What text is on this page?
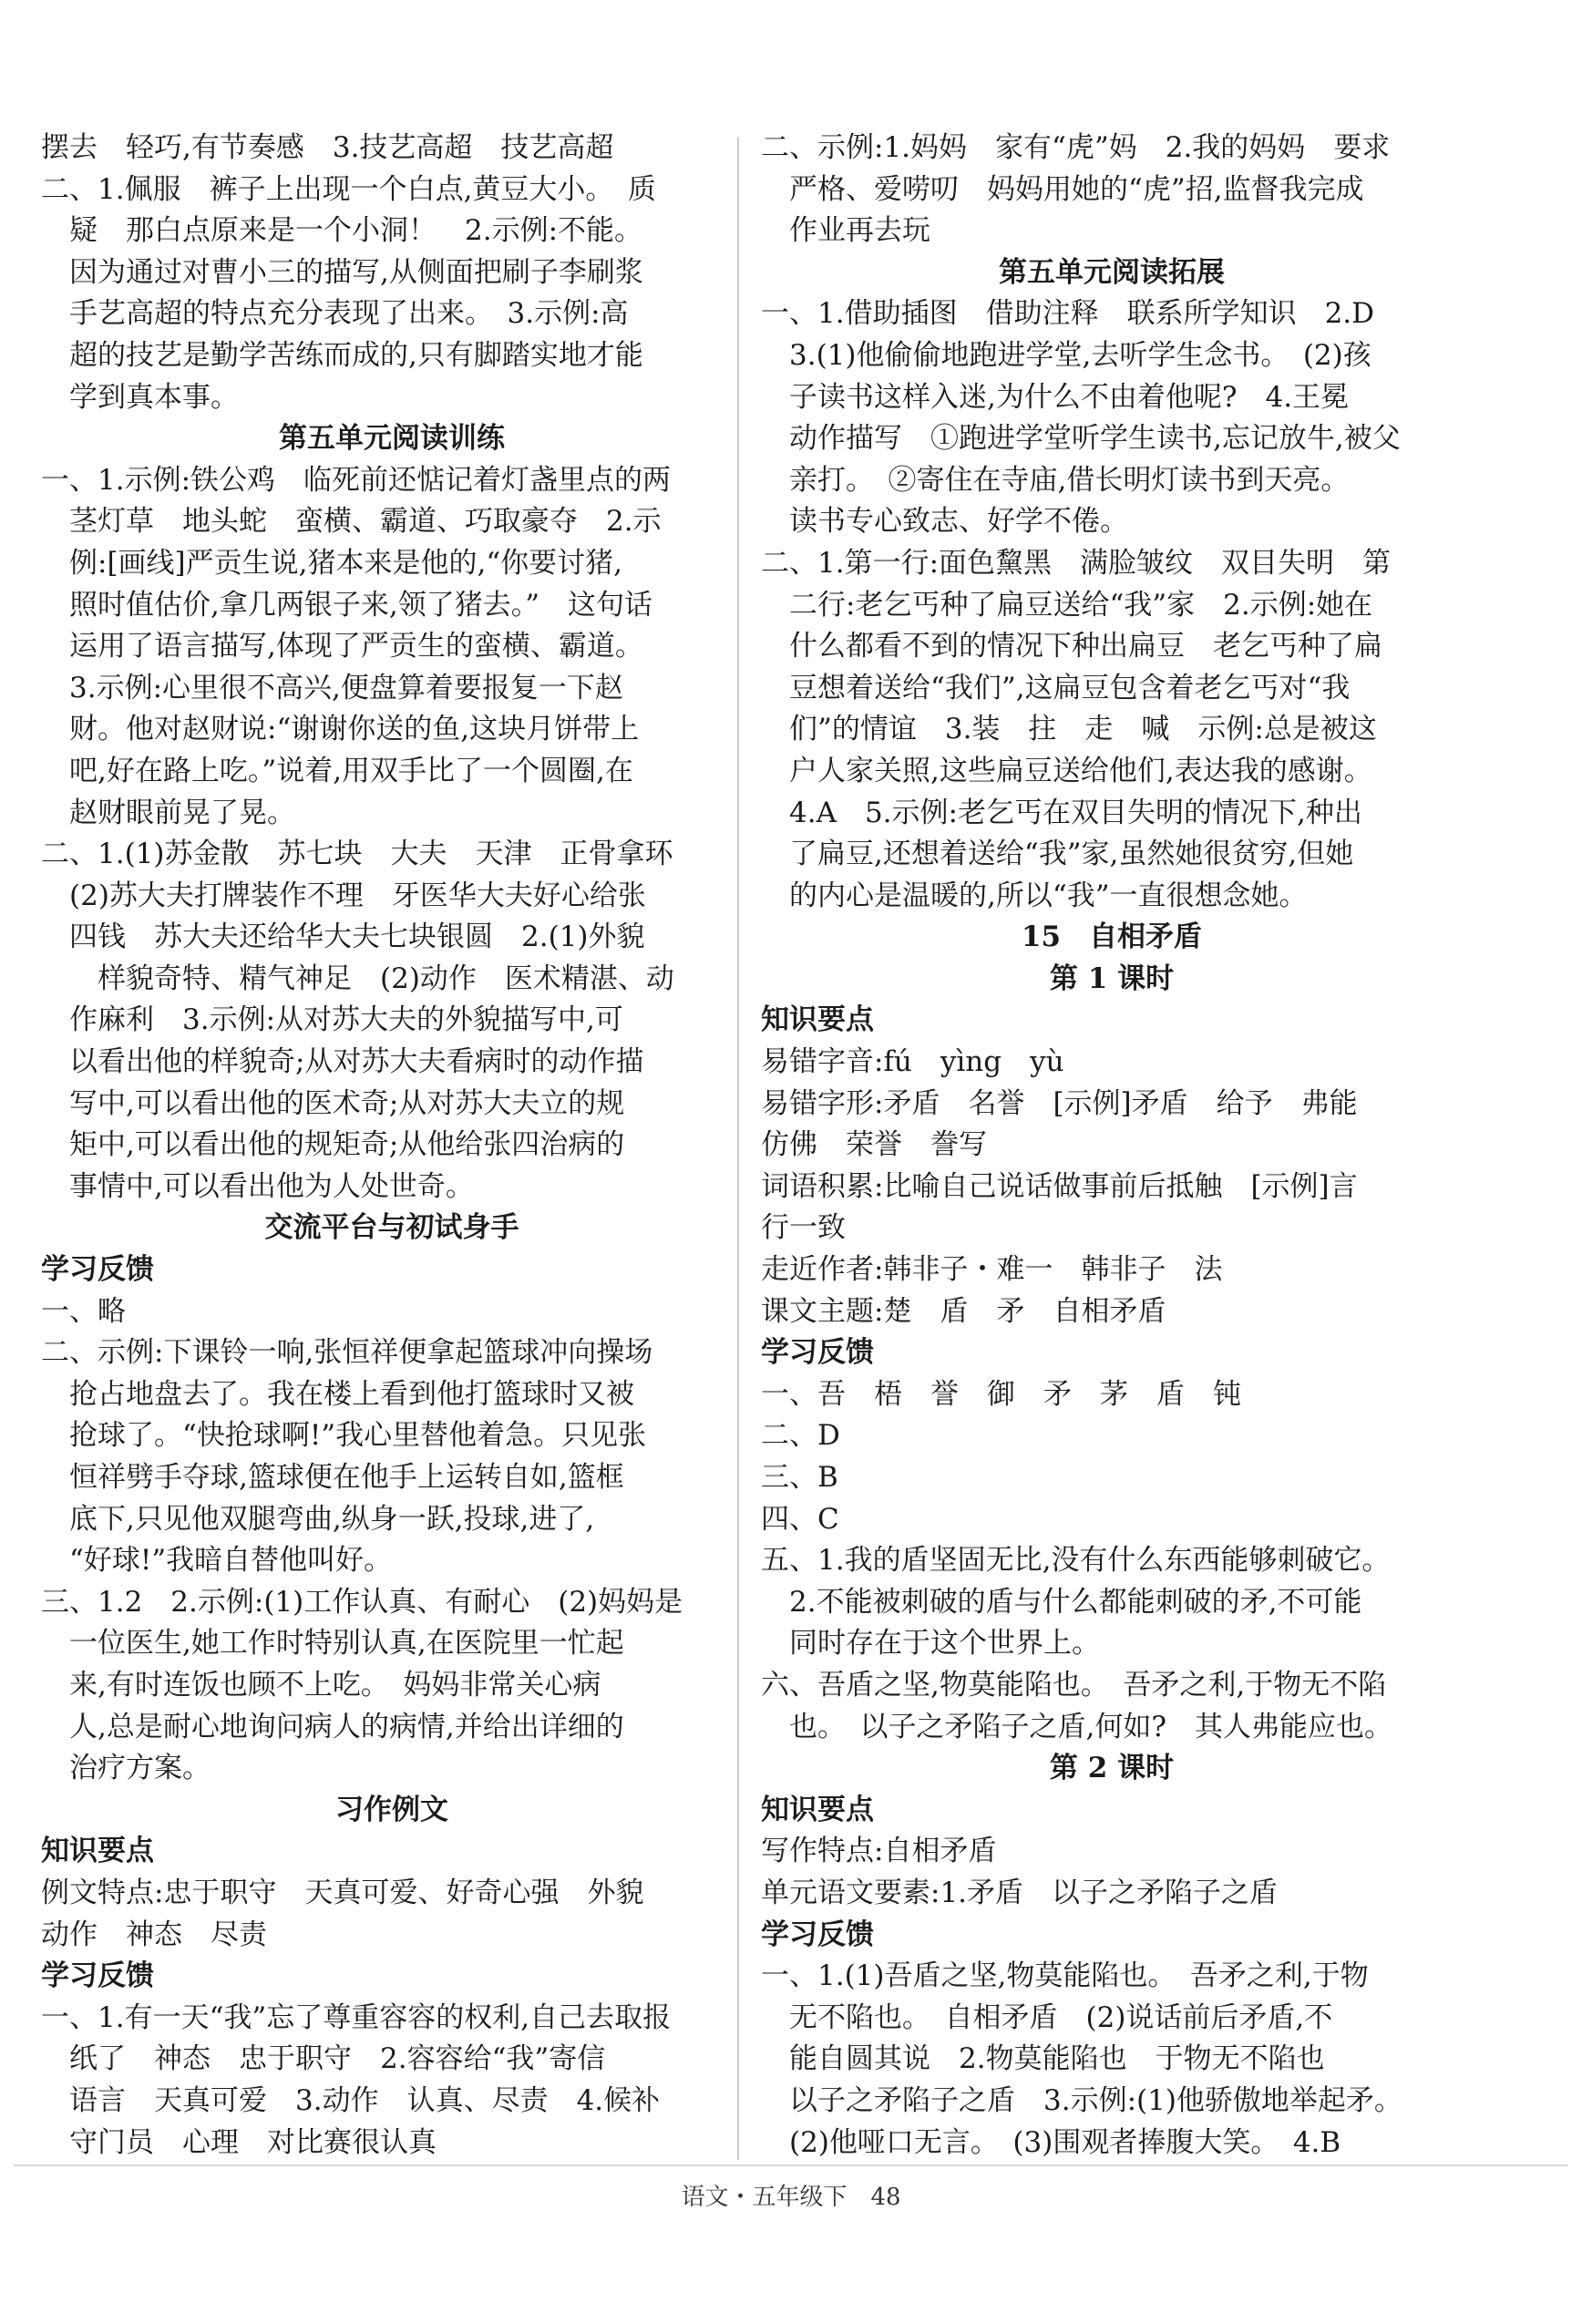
摆去　轻巧,有节奏感　3.技艺高超　技艺高超
二、1.佩服　裤子上出现一个白点,黄豆大小。　质
　疑　那白点原来是一个小洞！　2.示例:不能。
　因为通过对曹小三的描写,从侧面把刷子李刷浆
　手艺高超的特点充分表现了出来。　3.示例:高
　超的技艺是勤学苦练而成的,只有脚踏实地才能
　学到真本事。
第五单元阅读训练
一、1.示例:铁公鸡　临死前还惦记着灯盏里点的两
　茎灯草　地头蛇　蛮横、霸道、巧取豪夺　2.示
　例:[画线]严贡生说,猪本来是他的,“你要讨猪,
　照时值估价,拿几两银子来,领了猪去。”　这句话
　运用了语言描写,体现了严贡生的蛮横、霸道。
　3.示例:心里很不高兴,便盘算着要报复一下赵
　财。他对赵财说:“谢谢你送的鱼,这块月饼带上
　吧,好在路上吃。”说着,用双手比了一个圆圈,在
　赵财眼前晃了晃。
二、1.(1)苏金散　苏七块　大夫　天津　正骨拿环
　(2)苏大夫打牌装作不理　牙医华大夫好心给张
　四钱　苏大夫还给华大夫七块银圆　2.(1)外貌
　　样貌奇特、精气神足　(2)动作　医术精湛、动
　作麻利　3.示例:从对苏大夫的外貌描写中,可
　以看出他的样貌奇;从对苏大夫看病时的动作描
　写中,可以看出他的医术奇;从对苏大夫立的规
　矩中,可以看出他的规矩奇;从他给张四治病的
　事情中,可以看出他为人处世奇。
交流平台与初试身手
学习反馈
一、略
二、示例:下课铃一响,张恒祥便拿起篮球冲向操场
　抢占地盘去了。我在楼上看到他打篮球时又被
　抢球了。“快抢球啊!”我心里替他着急。只见张
　恒祥劈手夺球,篮球便在他手上运转自如,篮框
　底下,只见他双腿弯曲,纵身一跃,投球,进了,
　“好球!”我暗自替他叫好。
三、1.2　2.示例:(1)工作认真、有耐心　(2)妈妈是
　一位医生,她工作时特别认真,在医院里一忙起
　来,有时连饭也顾不上吃。　妈妈非常关心病
　人,总是耐心地询问病人的病情,并给出详细的
　治疗方案。
习作例文
知识要点
例文特点:忠于职守　天真可爱、好奇心强　外貌
动作　神态　尽责
学习反馈
一、1.有一天“我”忘了尊重容容的权利,自己去取报
　纸了　神态　忠于职守　2.容容给“我”寄信
　语言　天真可爱　3.动作　认真、尽责　4.候补
　守门员　心理　对比赛很认真
二、示例:1.妈妈　家有“虎”妈　2.我的妈妈　要求
　严格、爱唠叨　妈妈用她的“虎”招,监督我完成
　作业再去玩
第五单元阅读拓展
一、1.借助插图　借助注释　联系所学知识　2.D
　3.(1)他偷偷地跑进学堂,去听学生念书。　(2)孩
　子读书这样入迷,为什么不由着他呢?　4.王冕
　动作描写　①跑进学堂听学生读书,忘记放牛,被父
　亲打。　②寄住在寺庙,借长明灯读书到天亮。
　读书专心致志、好学不倦。
二、1.第一行:面色黧黑　满脸皱纹　双目失明　第
　二行:老乞丐种了扁豆送给“我”家　2.示例:她在
　什么都看不到的情况下种出扁豆　老乞丐种了扁
　豆想着送给“我们”,这扁豆包含着老乞丐对“我
　们”的情谊　3.装　拄　走　喊　示例:总是被这
　户人家关照,这些扁豆送给他们,表达我的感谢。
　4.A　5.示例:老乞丐在双目失明的情况下,种出
　了扁豆,还想着送给“我”家,虽然她很贫穷,但她
　的内心是温暖的,所以“我”一直很想念她。
15　自相矛盾
第 1 课时
知识要点
易错字音:fú　yìng　yù
易错字形:矛盾　名誉　[示例]矛盾　给予　弗能
仿佛　荣誉　誊写
词语积累:比喻自己说话做事前后抵触　[示例]言
行一致
走近作者:韩非子・难一　韩非子　法
课文主题:楚　盾　矛　自相矛盾
学习反馈
一、吾　梧　誉　御　矛　茅　盾　钝
二、D
三、B
四、C
五、1.我的盾坚固无比,没有什么东西能够刺破它。
　2.不能被刺破的盾与什么都能刺破的矛,不可能
　同时存在于这个世界上。
六、吾盾之坚,物莫能陷也。　吾矛之利,于物无不陷
　也。　以子之矛陷子之盾,何如?　其人弗能应也。
第 2 课时
知识要点
写作特点:自相矛盾
单元语文要素:1.矛盾　以子之矛陷子之盾
学习反馈
一、1.(1)吾盾之坚,物莫能陷也。　吾矛之利,于物
　无不陷也。　自相矛盾　(2)说话前后矛盾,不
　能自圆其说　2.物莫能陷也　于物无不陷也
　以子之矛陷子之盾　3.示例:(1)他骄傲地举起矛。
　(2)他哑口无言。　(3)围观者捧腹大笑。　4.B
语文・五年级下　48
